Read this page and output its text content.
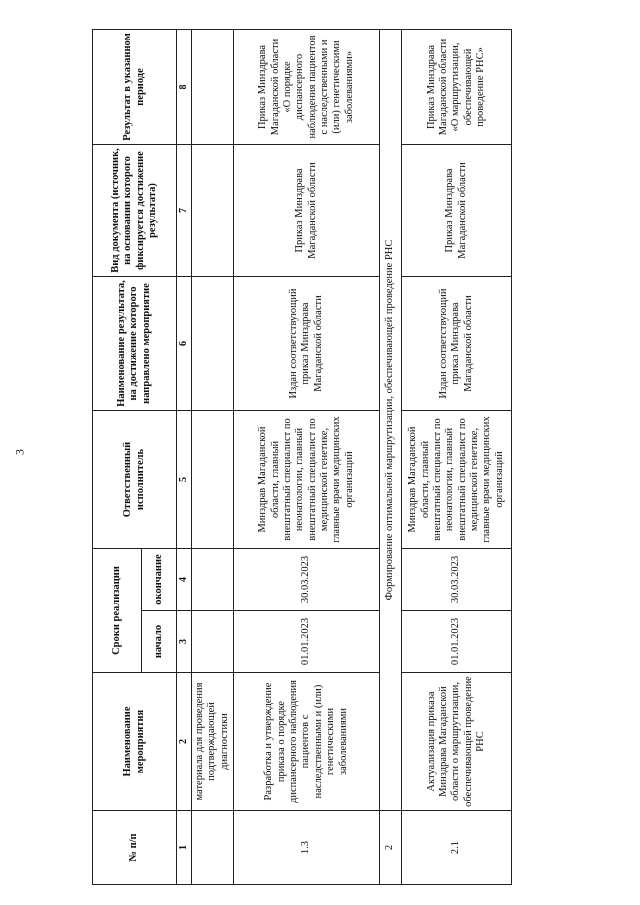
3
№ п/п	Наименование мероприятия	Сроки реализации		Ответственный исполнитель	Наименование результата, на достижение которого направлено мероприятие	Вид документа (источник, на основании которого фиксируется достижение результата)	Результат в указанном периоде
		начало	окончание				
1	2	3	4	5	6	7	8
	материала для проведения подтверждающей диагностики						
1.3	Разработка и утверждение приказа о порядке диспансерного наблюдения пациентов с наследственными и (или) генетическими заболеваниями	01.01.2023	30.03.2023	Минздрав Магаданской области, главный внештатный специалист по неонатологии, главный внештатный специалист по медицинской генетике, главные врачи медицинских организаций	Издан соответствующий приказ Минздрава Магаданской области	Приказ Минздрава Магаданской области	Приказ Минздрава Магаданской области «О порядке диспансерного наблюдения пациентов с наследственными и (или) генетическими заболеваниями»
2	Формирование оптимальной маршрутизации, обеспечивающей проведение РНС						
2.1	Актуализация приказа Минздрава Магаданской области о маршрутизации, обеспечивающей проведение РНС	01.01.2023	30.03.2023	Минздрав Магаданской области, главный внештатный специалист по неонатологии, главный внештатный специалист по медицинской генетике, главные врачи медицинских организаций	Издан соответствующий приказ Минздрава Магаданской области	Приказ Минздрава Магаданской области	Приказ Минздрава Магаданской области «О маршрутизации, обеспечивающей проведение РНС»
